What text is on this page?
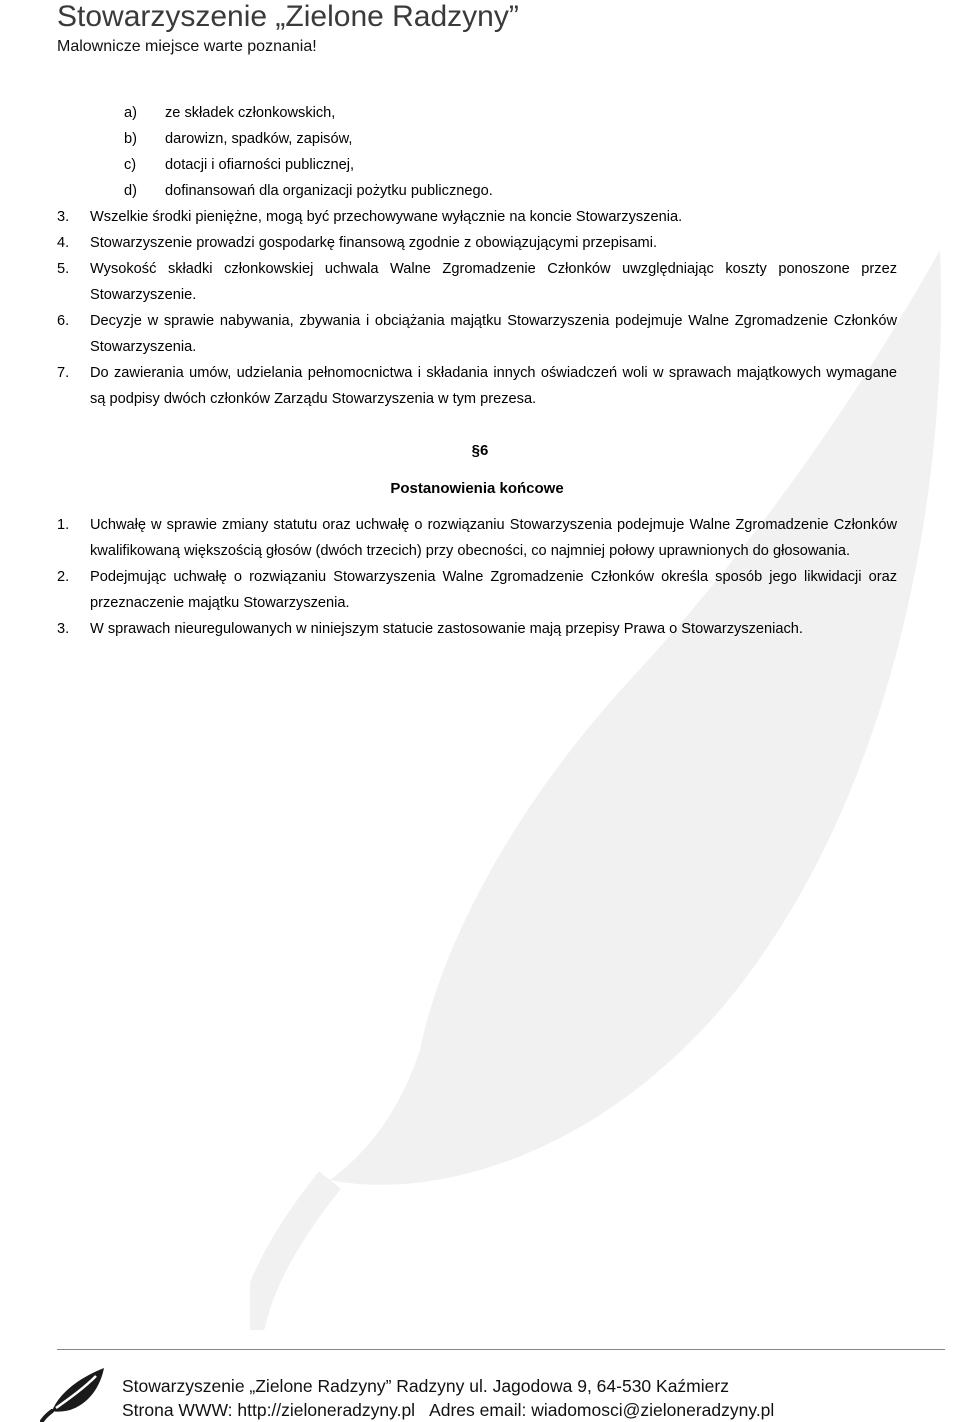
Stowarzyszenie „Zielone Radzyny”

Malownicze miejsce warte poznania!

a) ze składek członkowskich,
b) darowizn, spadków, zapisów,
c) dotacji i ofiarności publicznej,
d) dofinansowań dla organizacji pożytku publicznego.
3. Wszelkie środki pieniężne, mogą być przechowywane wyłącznie na koncie Stowarzyszenia.
4. Stowarzyszenie prowadzi gospodarkę finansową zgodnie z obowiązującymi przepisami.
5. Wysokość składki członkowskiej uchwala Walne Zgromadzenie Członków uwzględniając koszty ponoszone przez Stowarzyszenie.
6. Decyzje w sprawie nabywania, zbywania i obciążania majątku Stowarzyszenia podejmuje Walne Zgromadzenie Członków Stowarzyszenia.
7. Do zawierania umów, udzielania pełnomocnictwa i składania innych oświadczeń woli w sprawach majątkowych wymagane są podpisy dwóch członków Zarządu Stowarzyszenia w tym prezesa.
§6
Postanowienia końcowe
1. Uchwałę w sprawie zmiany statutu oraz uchwałę o rozwiązaniu Stowarzyszenia podejmuje Walne Zgromadzenie Członków kwalifikowaną większością głosów (dwóch trzecich) przy obecności, co najmniej połowy uprawnionych do głosowania.
2. Podejmując uchwałę o rozwiązaniu Stowarzyszenia Walne Zgromadzenie Członków określa sposób jego likwidacji oraz przeznaczenie majątku Stowarzyszenia.
3. W sprawach nieuregulowanych w niniejszym statucie zastosowanie mają przepisy Prawa o Stowarzyszeniach.

Stowarzyszenie „Zielone Radzyny” Radzyny ul. Jagodowa 9, 64-530 Kaźmierz

Strona WWW: http://zieloneradzyny.pl Adres email: wiadomosci@zieloneradzyny.pl
